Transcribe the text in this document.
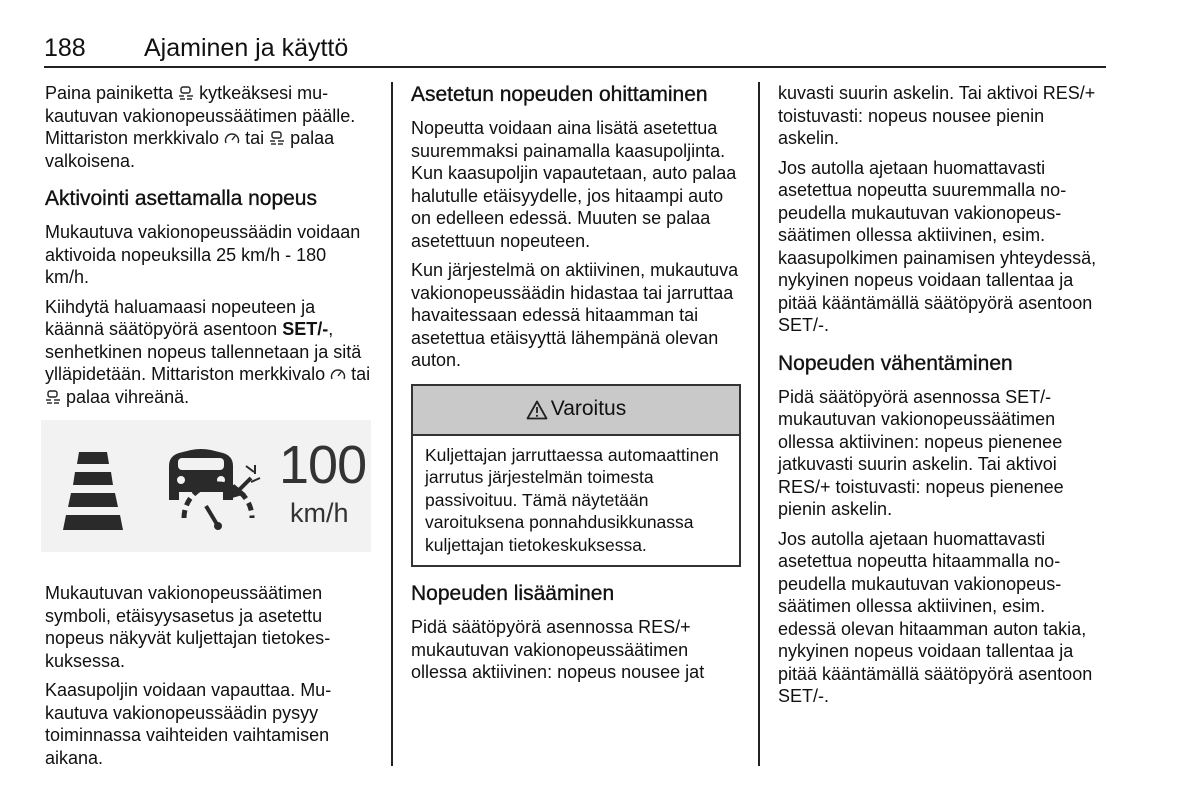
188 Ajaminen ja käyttö

Paina painiketta kytkeäksesi mukautuvan vakionopeussäätimen päälle. Mittariston merkkivalo tai palaa valkoisena.

Aktivointi asettamalla nopeus

Mukautuva vakionopeussäädin voidaan aktivoida nopeuksilla 25 km/h - 180 km/h.

Kiihdytä haluamaasi nopeuteen ja käännä säätöpyörä asentoon SET/-, senhetkinen nopeus tallennetaan ja sitä ylläpidetään. Mittariston merkkivalo tai  palaa vihreänä.

100
km/h

Mukautuvan vakionopeussäätimen symboli, etäisyysasetus ja asetettu nopeus näkyvät kuljettajan tietokeskuksessa.

Kaasupoljin voidaan vapauttaa. Mukautuva vakionopeussäädin pysyy toiminnassa vaihteiden vaihtamisen aikana.

Asetetun nopeuden ohittaminen

Nopeutta voidaan aina lisätä asetettua suuremmaksi painamalla kaasupoljinta. Kun kaasupoljin vapautetaan, auto palaa halutulle etäisyydelle, jos hitaampi auto on edelleen edessä. Muuten se palaa asetettuun nopeuteen.

Kun järjestelmä on aktiivinen, mukautuva vakionopeussäädin hidastaa tai jarruttaa havaitessaan edessä hitaamman tai asetettua etäisyyttä lähempänä olevan auton.

Varoitus
Kuljettajan jarruttaessa automaattinen jarrutus järjestelmän toimesta passivoituu. Tämä näytetään varoituksena ponnahdusikkunassa kuljettajan tietokeskuksessa.
Nopeuden lisääminen

Pidä säätöpyörä asennossa RES/+ mukautuvan vakionopeussäätimen ollessa aktiivinen: nopeus nousee jat

kuvasti suurin askelin. Tai aktivoi RES/+ toistuvasti: nopeus nousee pienin askelin.

Jos autolla ajetaan huomattavasti asetettua nopeutta suuremmalla nopeudella mukautuvan vakionopeussäätimen ollessa aktiivinen, esim. kaasupolkimen painamisen yhteydessä, nykyinen nopeus voidaan tallentaa ja pitää kääntämällä säätöpyörä asentoon SET/-.

Nopeuden vähentäminen

Pidä säätöpyörä asennossa SET/- mukautuvan vakionopeussäätimen ollessa aktiivinen: nopeus pienenee jatkuvasti suurin askelin. Tai aktivoi RES/+ toistuvasti: nopeus pienenee pienin askelin.

Jos autolla ajetaan huomattavasti asetettua nopeutta hitaammalla nopeudella mukautuvan vakionopeussäätimen ollessa aktiivinen, esim. edessä olevan hitaamman auton takia, nykyinen nopeus voidaan tallentaa ja pitää kääntämällä säätöpyörä asentoon SET/-.
